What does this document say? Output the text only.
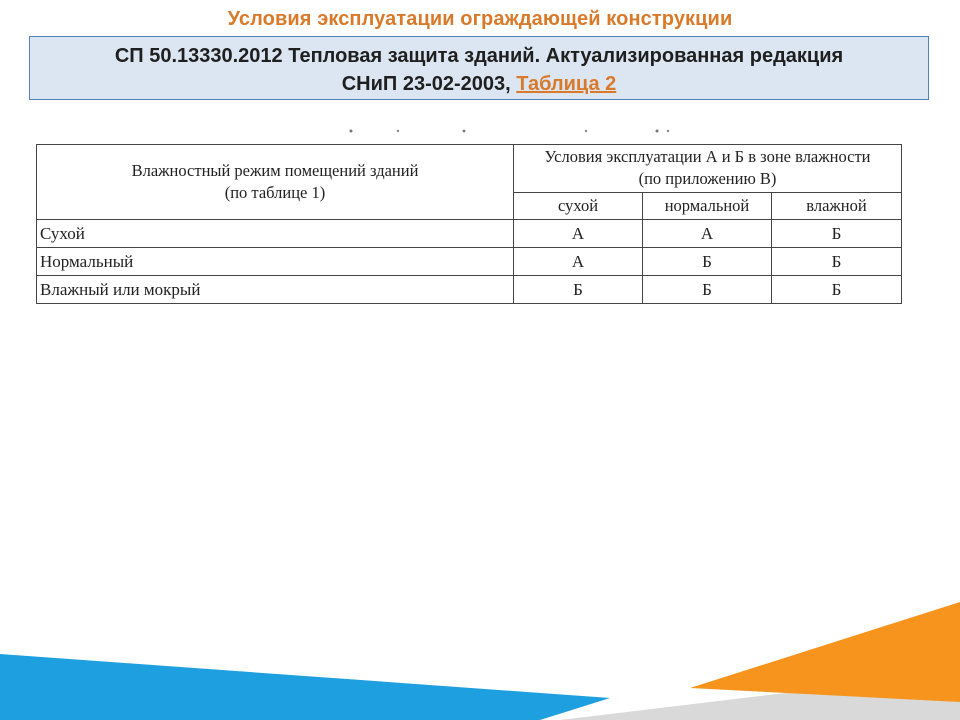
Условия эксплуатации ограждающей конструкции
СП 50.13330.2012 Тепловая защита зданий. Актуализированная редакция
СНиП 23-02-2003, Таблица 2
Влажностный режим помещений зданий
(по таблице 1)	Условия эксплуатации А и Б в зоне влажности
(по приложению В)		

	сухой	нормальной	влажной
Сухой	А	А	Б
Нормальный	А	Б	Б
Влажный или мокрый	Б	Б	Б
